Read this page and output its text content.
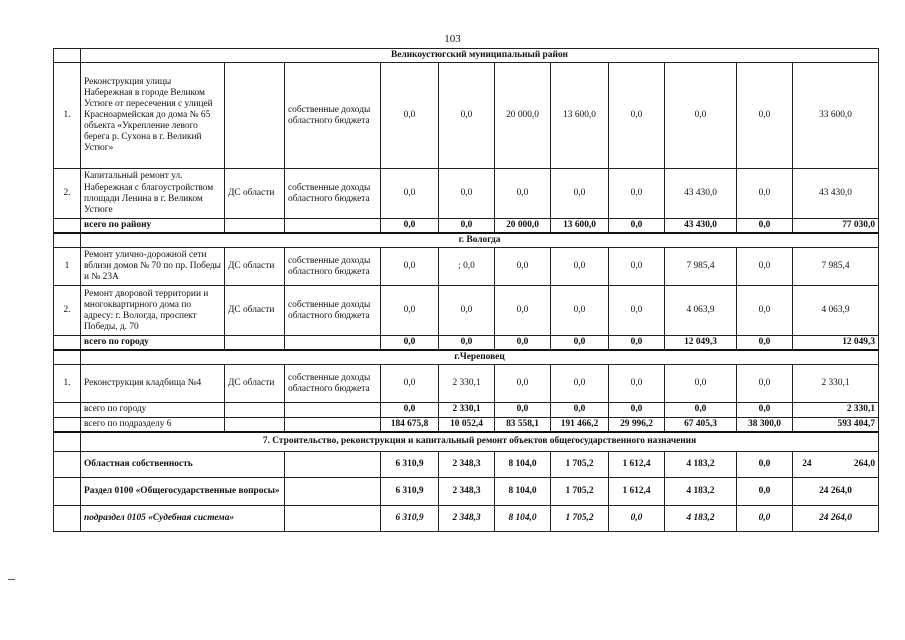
103
	Великоустюгский муниципальный район										
1.	Реконструкция улицы Набережная в городе Великом Устюге от пересечения с улицей Красноармейская до дома № 65 объекта «Укрепление левого берега р. Сухона в г. Великий Устюг»		собственные доходы областного бюджета	0,0	0,0	20 000,0	13 600,0	0,0	0,0	0,0	33 600,0
2.	Капитальный ремонт ул. Набережная с благоустройством площади Ленина в г. Великом Устюге	ДС области	собственные доходы областного бюджета	0,0	0,0	0,0	0,0	0,0	43 430,0	0,0	43 430,0
	всего по району			0,0	0,0	20 000,0	13 600,0	0,0	43 430,0	0,0	77 030,0
	г. Вологда										
1	Ремонт улично-дорожной сети вблизи домов № 70 по пр. Победы и № 23А	ДС области	собственные доходы областного бюджета	0,0	; 0,0	0,0	0,0	0,0	7 985,4	0,0	7 985,4
2.	Ремонт дворовой территории и многоквартирного дома по адресу: г. Вологда, проспект Победы, д. 70	ДС области	собственные доходы областного бюджета	0,0	0,0	0,0	0,0	0,0	4 063,9	0,0	4 063,9
	всего по городу			0,0	0,0	0,0	0,0	0,0	12 049,3	0,0	12 049,3
	г.Череповец										
1.	Реконструкция кладбища №4	ДС области	собственные доходы областного бюджета	0,0	2 330,1	0,0	0,0	0,0	0,0	0,0	2 330,1
	всего по городу			0,0	2 330,1	0,0	0,0	0,0	0,0	0,0	2 330,1
	всего по подразделу 6			184 675,8	10 052,4	83 558,1	191 466,2	29 996,2	67 405,3	38 300,0	593 404,7
	7. Строительство, реконструкция и капитальный ремонт объектов общегосударственного назначения										
	Областная собственность			6 310,9	2 348,3	8 104,0	1 705,2	1 612,4	4 183,2	0,0	24 264,0
	Раздел 0100 «Общегосударственные вопросы»			6 310,9	2 348,3	8 104,0	1 705,2	1 612,4	4 183,2	0,0	24 264,0
	подраздел 0105 «Судебная система»			6 310,9	2 348,3	8 104,0	1 705,2	0,0	4 183,2	0,0	24 264,0
